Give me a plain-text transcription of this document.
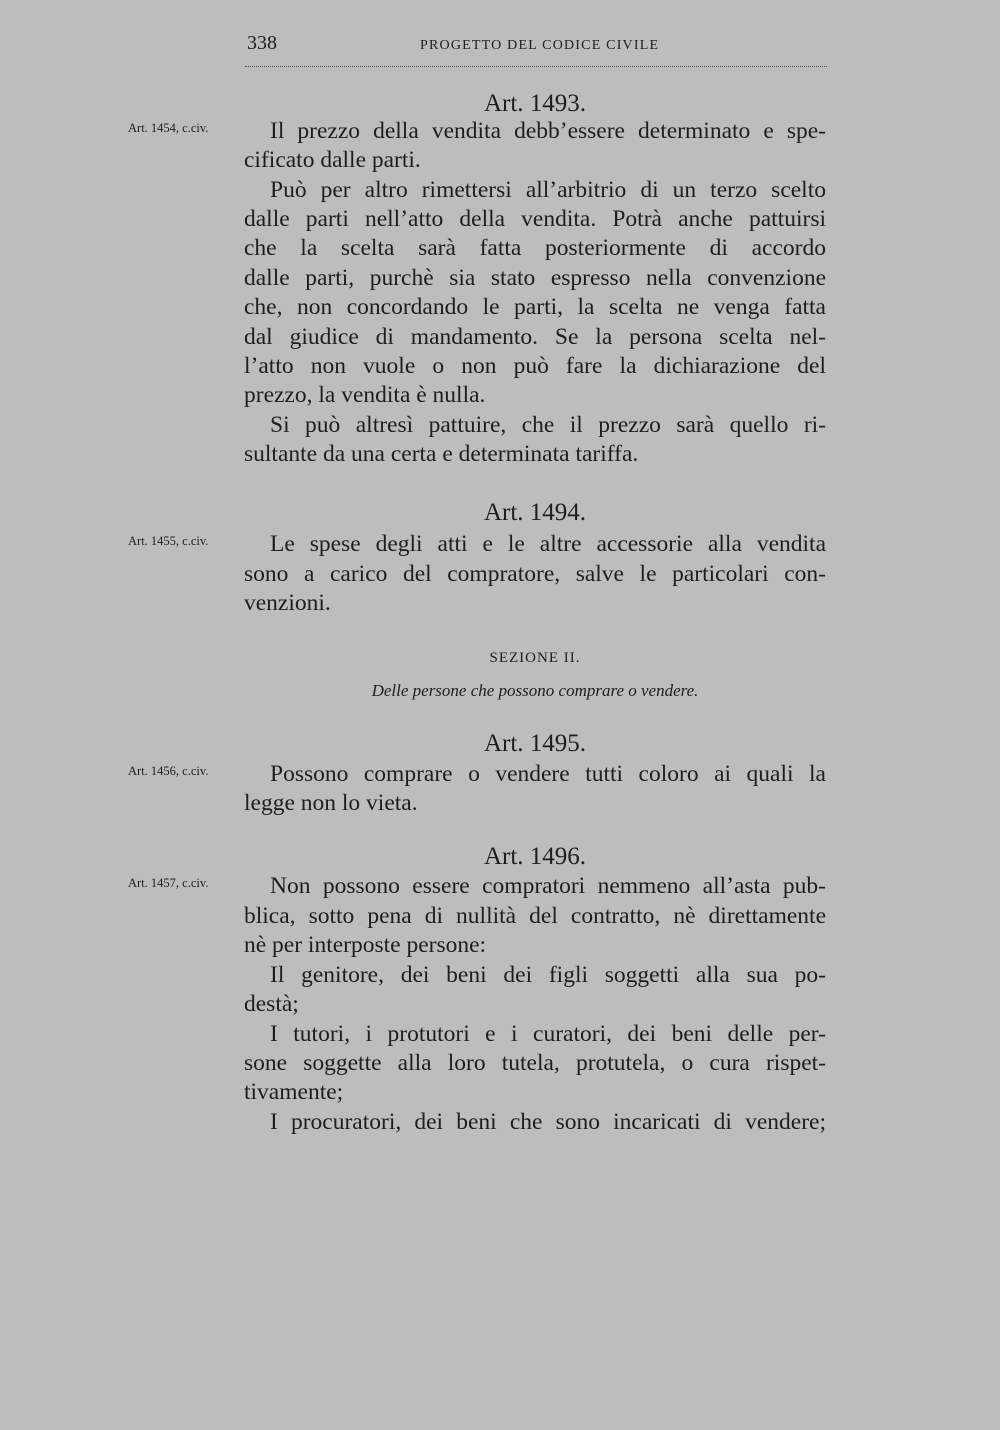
338	PROGETTO DEL CODICE CIVILE
Art. 1493.
Art. 1454, c.civ.	Il prezzo della vendita debb’essere determinato e spe-
cificato dalle parti.
Può per altro rimettersi all’arbitrio di un terzo scelto
dalle parti nell’atto della vendita. Potrà anche pattuirsi
che la scelta sarà fatta posteriormente di accordo
dalle parti, purchè sia stato espresso nella convenzione
che, non concordando le parti, la scelta ne venga fatta
dal giudice di mandamento. Se la persona scelta nel-
l’atto non vuole o non può fare la dichiarazione del
prezzo, la vendita è nulla.
Si può altresì pattuire, che il prezzo sarà quello ri-
sultante da una certa e determinata tariffa.
Art. 1494.
Art. 1455, c.civ.	Le spese degli atti e le altre accessorie alla vendita
sono a carico del compratore, salve le particolari con-
venzioni.
SEZIONE II.
Delle persone che possono comprare o vendere.
Art. 1495.
Art. 1456, c.civ.	Possono comprare o vendere tutti coloro ai quali la
legge non lo vieta.
Art. 1496.
Art. 1457, c.civ.	Non possono essere compratori nemmeno all’asta pub-
blica, sotto pena di nullità del contratto, nè direttamente
nè per interposte persone:
Il genitore, dei beni dei figli soggetti alla sua po-
destà;
I tutori, i protutori e i curatori, dei beni delle per-
sone soggette alla loro tutela, protutela, o cura rispet-
tivamente;
I procuratori, dei beni che sono incaricati di vendere;
